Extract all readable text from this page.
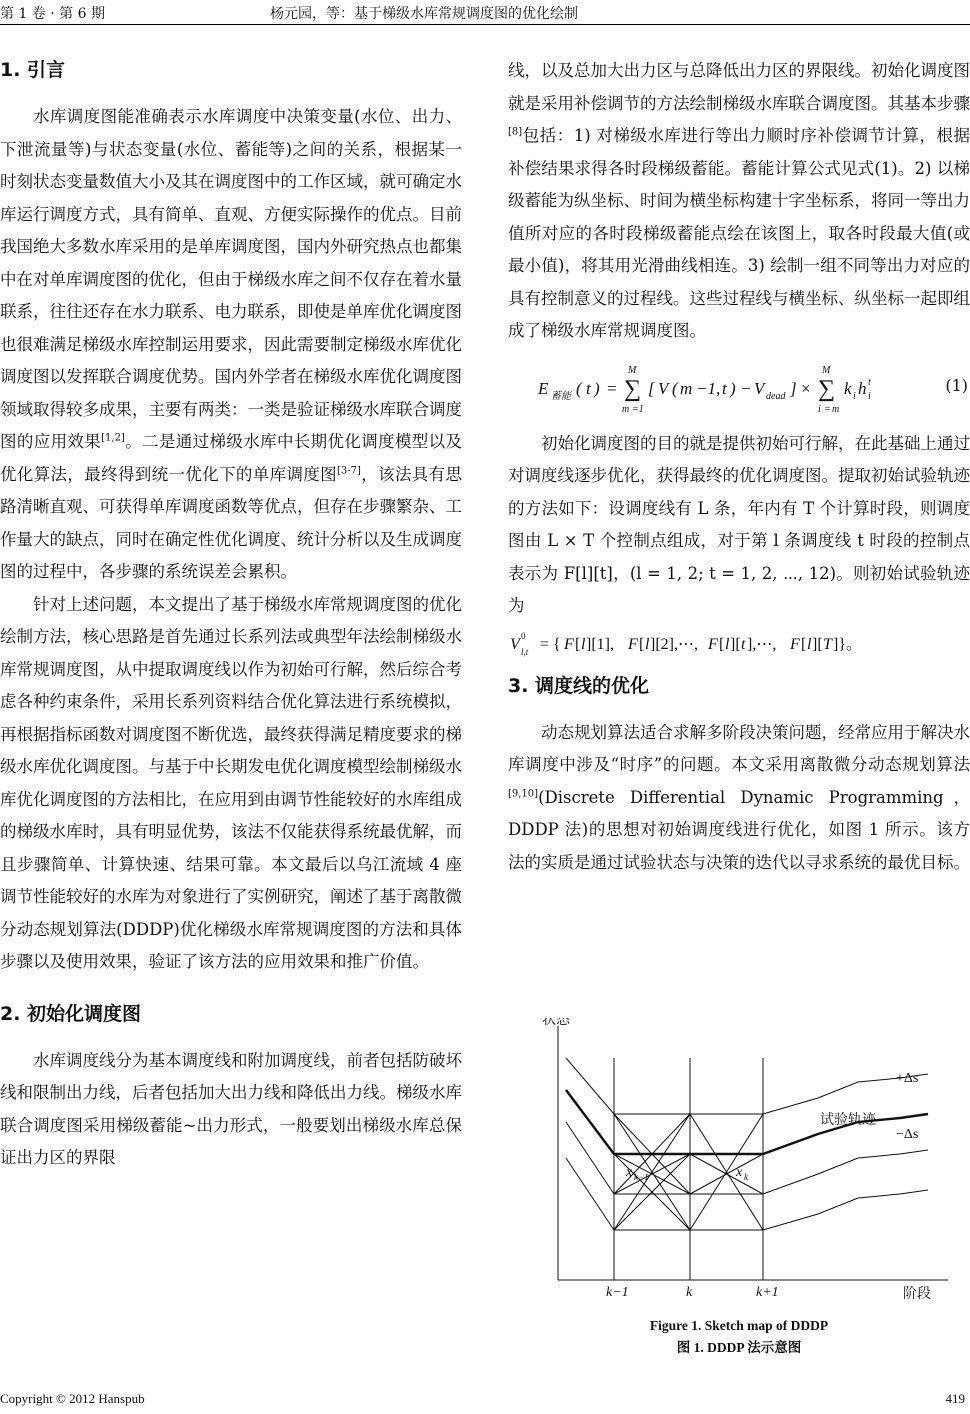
第 1 卷 · 第 6 期	杨元园，等：基于梯级水库常规调度图的优化绘制
1. 引言

水库调度图能准确表示水库调度中决策变量(水位、出力、下泄流量等)与状态变量(水位、蓄能等)之间的关系，根据某一时刻状态变量数值大小及其在调度图中的工作区域，就可确定水库运行调度方式，具有简单、直观、方便实际操作的优点。目前我国绝大多数水库采用的是单库调度图，国内外研究热点也都集中在对单库调度图的优化，但由于梯级水库之间不仅存在着水量联系，往往还存在水力联系、电力联系，即使是单库优化调度图也很难满足梯级水库控制运用要求，因此需要制定梯级水库优化调度图以发挥联合调度优势。国内外学者在梯级水库优化调度图领域取得较多成果，主要有两类：一类是验证梯级水库联合调度图的应用效果[1,2]。二是通过梯级水库中长期优化调度模型以及优化算法，最终得到统一优化下的单库调度图[3-7]，该法具有思路清晰直观、可获得单库调度函数等优点，但存在步骤繁杂、工作量大的缺点，同时在确定性优化调度、统计分析以及生成调度图的过程中，各步骤的系统误差会累积。

针对上述问题，本文提出了基于梯级水库常规调度图的优化绘制方法，核心思路是首先通过长系列法或典型年法绘制梯级水库常规调度图，从中提取调度线以作为初始可行解，然后综合考虑各种约束条件，采用长系列资料结合优化算法进行系统模拟，再根据指标函数对调度图不断优选，最终获得满足精度要求的梯级水库优化调度图。与基于中长期发电优化调度模型绘制梯级水库优化调度图的方法相比，在应用到由调节性能较好的水库组成的梯级水库时，具有明显优势，该法不仅能获得系统最优解，而且步骤简单、计算快速、结果可靠。本文最后以乌江流域 4 座调节性能较好的水库为对象进行了实例研究，阐述了基于离散微分动态规划算法(DDDP)优化梯级水库常规调度图的方法和具体步骤以及使用效果，验证了该方法的应用效果和推广价值。

2. 初始化调度图

水库调度线分为基本调度线和附加调度线，前者包括防破坏线和限制出力线，后者包括加大出力线和降低出力线。梯级水库联合调度图采用梯级蓄能~出力形式，一般要划出梯级水库总保证出力区的界限

线，以及总加大出力区与总降低出力区的界限线。初始化调度图就是采用补偿调节的方法绘制梯级水库联合调度图。其基本步骤[8]包括：1) 对梯级水库进行等出力顺时序补偿调节计算，根据补偿结果求得各时段梯级蓄能。蓄能计算公式见式(1)。2) 以梯级蓄能为纵坐标、时间为横坐标构建十字坐标系，将同一等出力值所对应的各时段梯级蓄能点绘在该图上，取各时段最大值(或最小值)，将其用光滑曲线相连。3) 绘制一组不同等出力对应的具有控制意义的过程线。这些过程线与横坐标、纵坐标一起即组成了梯级水库常规调度图。

E 蓄能 ( t ) = ∑
M
m =1
[ V ( m −1, t ) − V dead ] × ∑
M
i = m
k i h i
t	(1)

初始化调度图的目的就是提供初始可行解，在此基础上通过对调度线逐步优化，获得最终的优化调度图。提取初始试验轨迹的方法如下：设调度线有 L 条，年内有 T 个计算时段，则调度图由 L × T 个控制点组成，对于第 l 条调度线 t 时段的控制点表示为 F[l][t]，(l = 1, 2; t = 1, 2, ⋯, 12)。则初始试验轨迹为

V 0
l,t = { F [ l ][1], F [ l ][2],⋯, F [ l ][ t ],⋯, F [ l ][ T ]}。
3. 调度线的优化

动态规划算法适合求解多阶段决策问题，经常应用于解决水库调度中涉及“时序”的问题。本文采用离散微分动态规划算法[9,10](Discrete Differential Dynamic Programming，DDDP 法)的思想对初始调度线进行优化，如图 1 所示。该方法的实质是通过试验状态与决策的迭代以寻求系统的最优目标。

状态
阶段
k−1	k	k+1
+Δs
−Δs
试验轨迹
x k−1	x k
Figure 1. Sketch map of DDDP
图 1. DDDP 法示意图
Copyright © 2012 Hanspub	419
